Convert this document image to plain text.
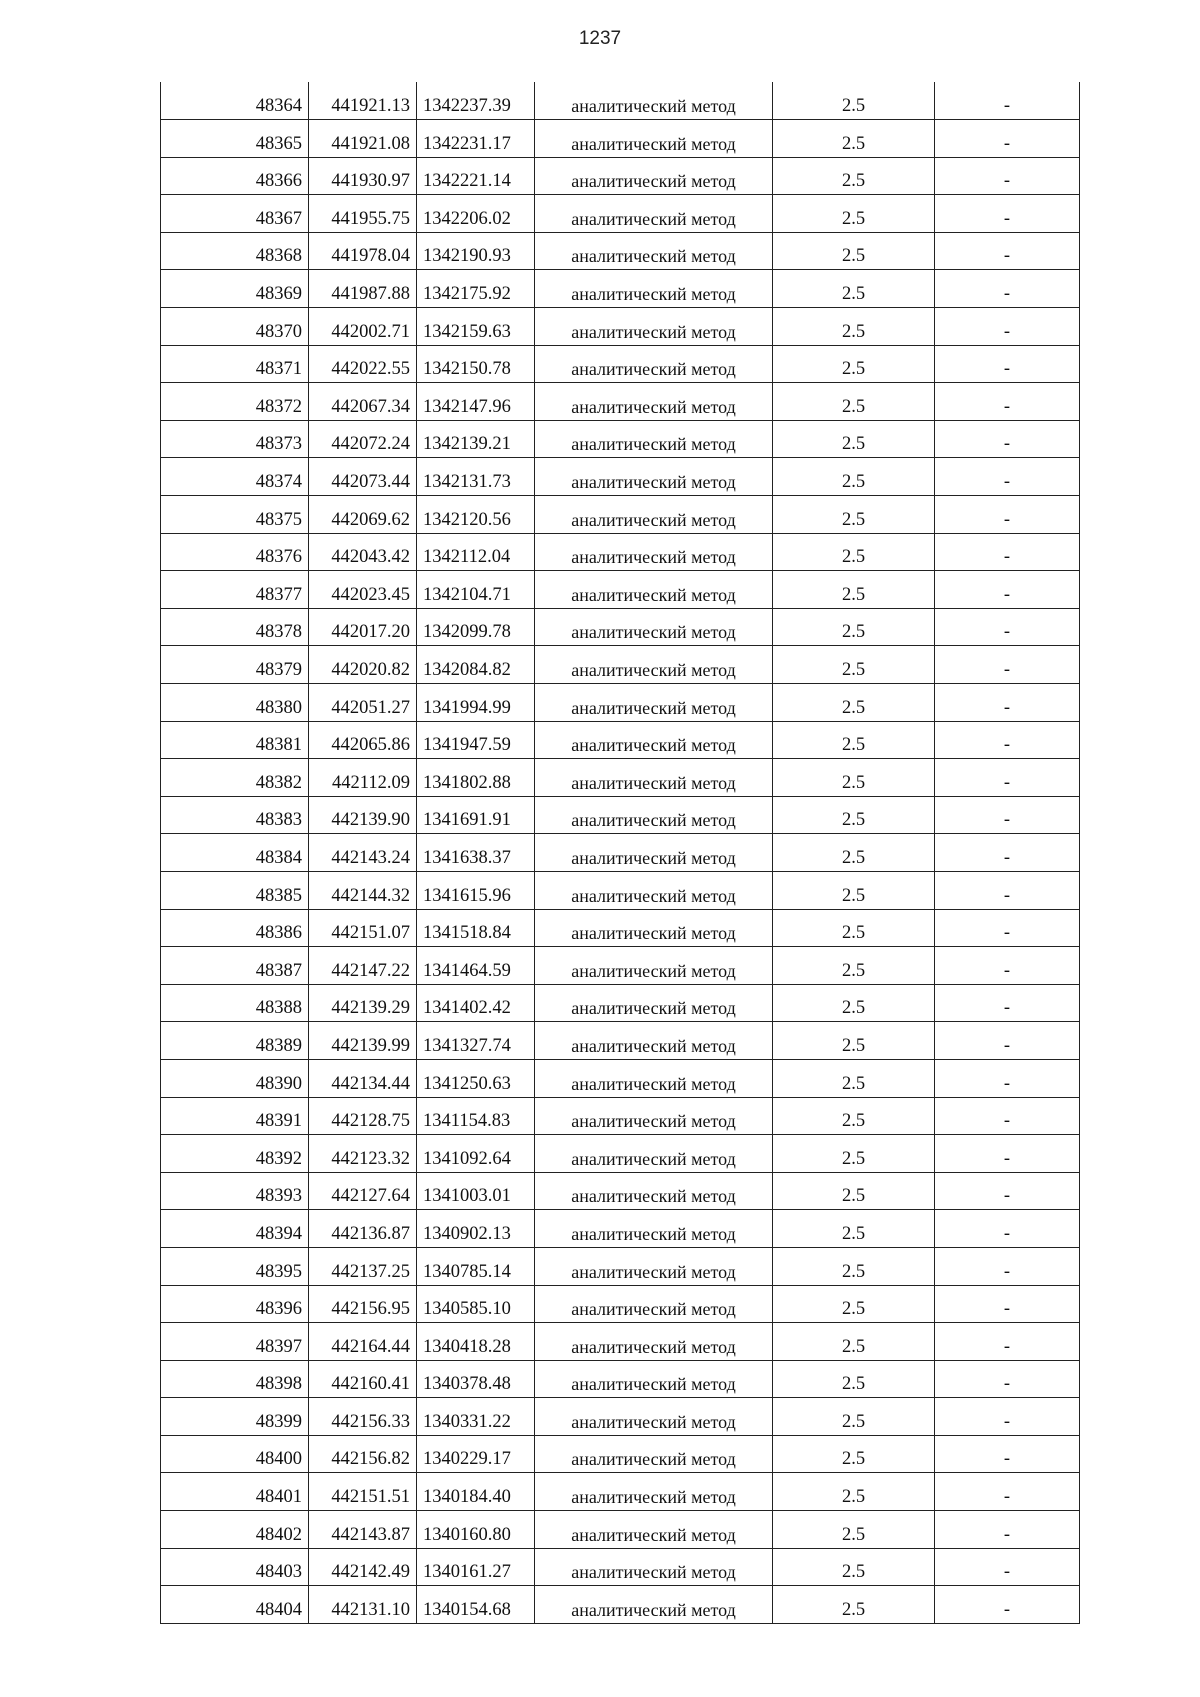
1237
48364	441921.13	1342237.39	аналитический метод	2.5	-
48365	441921.08	1342231.17	аналитический метод	2.5	-
48366	441930.97	1342221.14	аналитический метод	2.5	-
48367	441955.75	1342206.02	аналитический метод	2.5	-
48368	441978.04	1342190.93	аналитический метод	2.5	-
48369	441987.88	1342175.92	аналитический метод	2.5	-
48370	442002.71	1342159.63	аналитический метод	2.5	-
48371	442022.55	1342150.78	аналитический метод	2.5	-
48372	442067.34	1342147.96	аналитический метод	2.5	-
48373	442072.24	1342139.21	аналитический метод	2.5	-
48374	442073.44	1342131.73	аналитический метод	2.5	-
48375	442069.62	1342120.56	аналитический метод	2.5	-
48376	442043.42	1342112.04	аналитический метод	2.5	-
48377	442023.45	1342104.71	аналитический метод	2.5	-
48378	442017.20	1342099.78	аналитический метод	2.5	-
48379	442020.82	1342084.82	аналитический метод	2.5	-
48380	442051.27	1341994.99	аналитический метод	2.5	-
48381	442065.86	1341947.59	аналитический метод	2.5	-
48382	442112.09	1341802.88	аналитический метод	2.5	-
48383	442139.90	1341691.91	аналитический метод	2.5	-
48384	442143.24	1341638.37	аналитический метод	2.5	-
48385	442144.32	1341615.96	аналитический метод	2.5	-
48386	442151.07	1341518.84	аналитический метод	2.5	-
48387	442147.22	1341464.59	аналитический метод	2.5	-
48388	442139.29	1341402.42	аналитический метод	2.5	-
48389	442139.99	1341327.74	аналитический метод	2.5	-
48390	442134.44	1341250.63	аналитический метод	2.5	-
48391	442128.75	1341154.83	аналитический метод	2.5	-
48392	442123.32	1341092.64	аналитический метод	2.5	-
48393	442127.64	1341003.01	аналитический метод	2.5	-
48394	442136.87	1340902.13	аналитический метод	2.5	-
48395	442137.25	1340785.14	аналитический метод	2.5	-
48396	442156.95	1340585.10	аналитический метод	2.5	-
48397	442164.44	1340418.28	аналитический метод	2.5	-
48398	442160.41	1340378.48	аналитический метод	2.5	-
48399	442156.33	1340331.22	аналитический метод	2.5	-
48400	442156.82	1340229.17	аналитический метод	2.5	-
48401	442151.51	1340184.40	аналитический метод	2.5	-
48402	442143.87	1340160.80	аналитический метод	2.5	-
48403	442142.49	1340161.27	аналитический метод	2.5	-
48404	442131.10	1340154.68	аналитический метод	2.5	-
